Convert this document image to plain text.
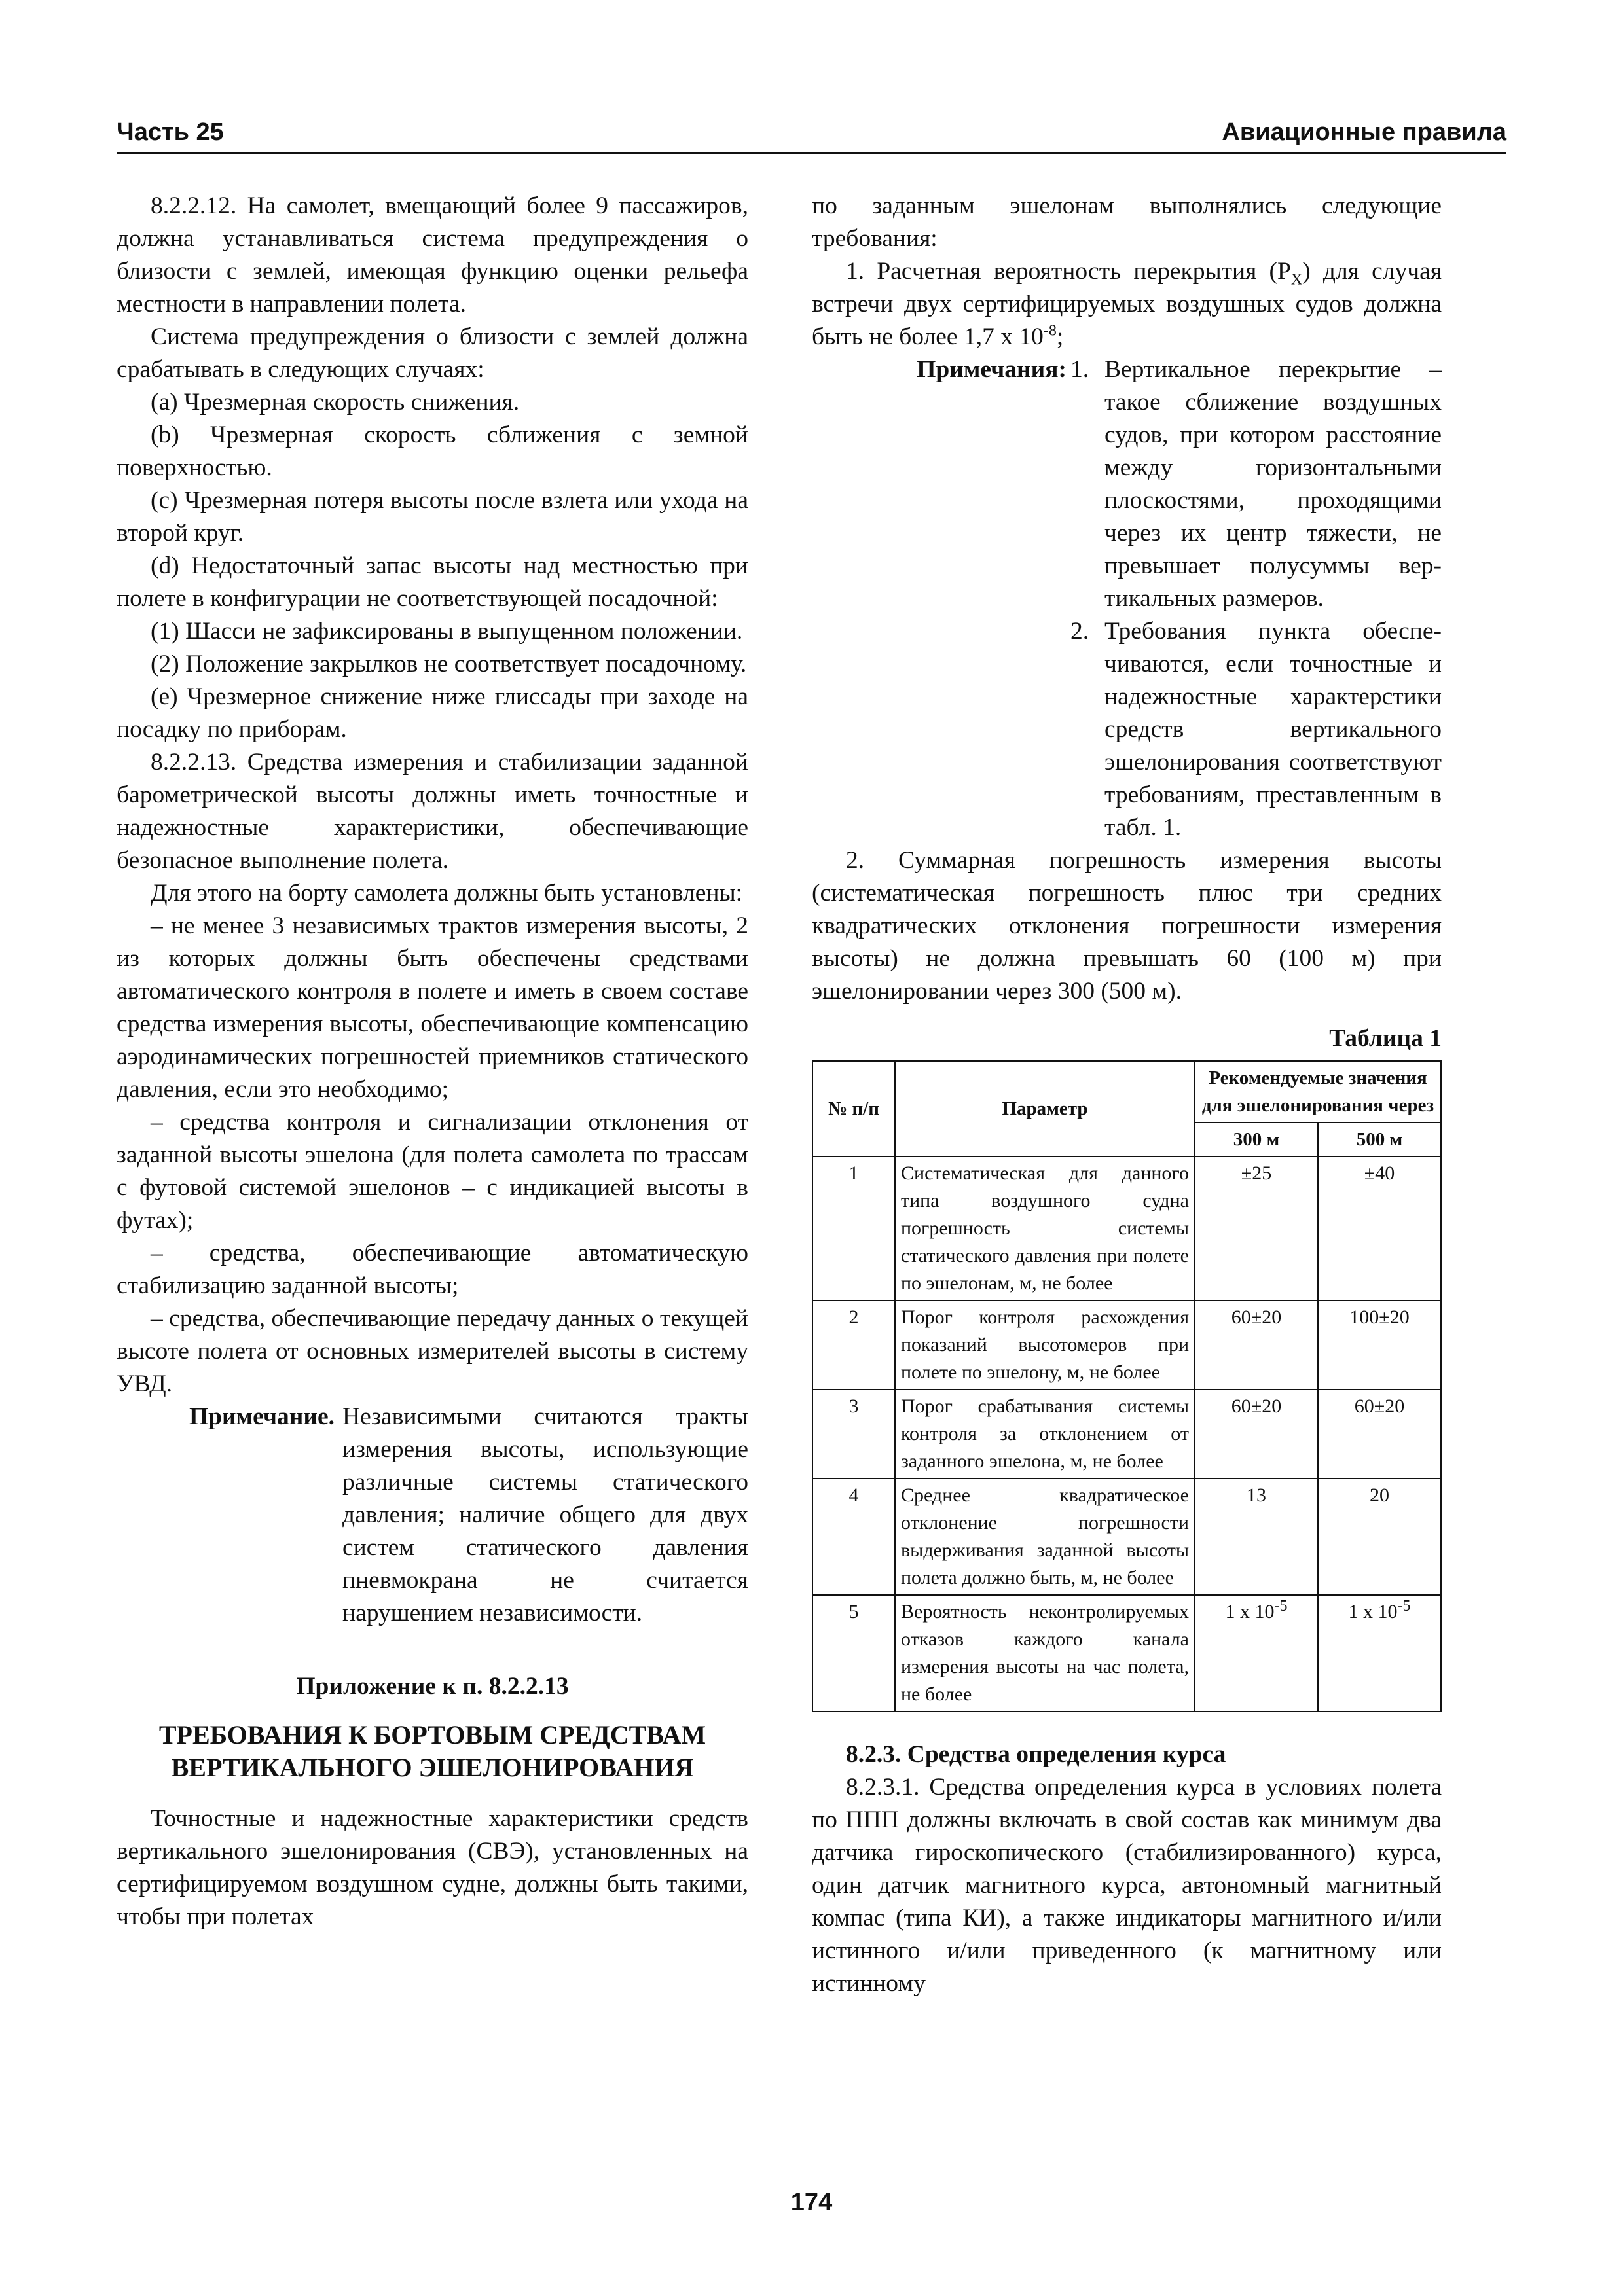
Часть 25	Авиационные правила

8.2.2.12. На самолет, вмещающий более 9 пассажиров, должна устанавливаться система предупреждения о близости с землей, имеющая функцию оценки рельефа местности в направлении полета.

Система предупреждения о близости с землей должна срабатывать в следующих случаях:

(a) Чрезмерная скорость снижения.

(b) Чрезмерная скорость сближения с земной поверхностью.

(c) Чрезмерная потеря высоты после взлета или ухода на второй круг.

(d) Недостаточный запас высоты над местностью при полете в конфигурации не соответствующей посадочной:

(1) Шасси не зафиксированы в выпущенном положении.

(2) Положение закрылков не соответствует посадочному.

(e) Чрезмерное снижение ниже глиссады при заходе на посадку по приборам.

8.2.2.13. Средства измерения и стабилизации заданной барометрической высоты должны иметь точностные и надежностные характеристики, обеспечивающие безопасное выполнение полета.

Для этого на борту самолета должны быть установлены:

– не менее 3 независимых трактов измерения высоты, 2 из которых должны быть обеспечены средствами автоматического контроля в полете и иметь в своем составе средства измерения высоты, обеспечивающие компенсацию аэродинамических погрешностей приемников статического давления, если это необходимо;

– средства контроля и сигнализации отклонения от заданной высоты эшелона (для полета самолета по трассам с футовой системой эшелонов – с индикацией высоты в футах);

– средства, обеспечивающие автоматическую стабилизацию заданной высоты;

– средства, обеспечивающие передачу данных о текущей высоте полета от основных измерителей высоты в систему УВД.

Примечание. Независимыми считаются тракты измерения высоты, использующие различные системы статического давления; наличие общего для двух систем статического давления пневмокрана не считается нарушением независимости.

Приложение к п. 8.2.2.13

ТРЕБОВАНИЯ К БОРТОВЫМ СРЕДСТВАМ ВЕРТИКАЛЬНОГО ЭШЕЛОНИРОВАНИЯ

Точностные и надежностные характеристики средств вертикального эшелонирования (СВЭ), установленных на сертифицируемом воздушном судне, должны быть такими, чтобы при полетах

по заданным эшелонам выполнялись следующие требования:

1. Расчетная вероятность перекрытия $(P_X)$ для случая встречи двух сертифицируемых воздушных судов должна быть не более 1,7 х $10^{-8}$;

Примечания: 1. Вертикальное перекрытие – такое сближение воздушных судов, при котором расстояние между горизонтальными плоскостями, проходящими через их центр тяжести, не превышает полусуммы вертикальных размеров.
2. Требования пункта обеспечиваются, если точностные и надежностные характерстики средств вертикального эшелонирования соответствуют требованиям, преставленным в табл. 1.

2. Суммарная погрешность измерения высоты (систематическая погрешность плюс три средних квадратических отклонения погрешности измерения высоты) не должна превышать 60 (100 м) при эшелонировании через 300 (500 м).

Таблица 1

№ п/п	Параметр	Рекомендуемые значения для эшелонирования через	
		300 м	500 м
1	Систематическая для данного типа воздушного судна погрешность системы статического давления при полете по эшелонам, м, не более	±25	±40
2	Порог контроля расхождения показаний высотомеров при полете по эшелону, м, не более	60±20	100±20
3	Порог срабатывания системы контроля за отклонением от заданного эшелона, м, не более	60±20	60±20
4	Среднее квадратическое отклонение погрешности выдерживания заданной высоты полета должно быть, м, не более	13	20
5	Вероятность неконтролируемых отказов каждого канала измерения высоты на час полета, не более	1 х $10^{-5}$	1 х $10^{-5}$

8.2.3. Средства определения курса

8.2.3.1. Средства определения курса в условиях полета по ППП должны включать в свой состав как минимум два датчика гироскопического (стабилизированного) курса, один датчик магнитного курса, автономный магнитный компас (типа КИ), а также индикаторы магнитного и/или истинного и/или приведенного (к магнитному или истинному

174
